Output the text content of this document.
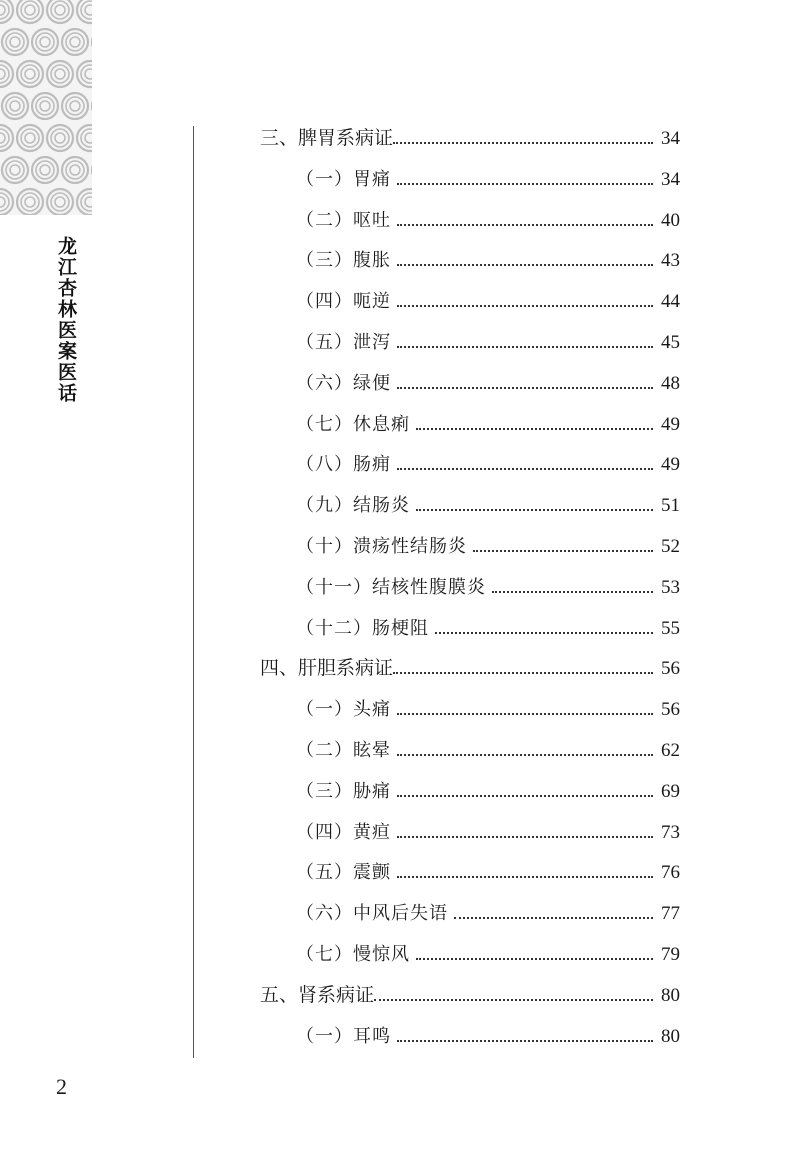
龙江杏林医案医话
三、脾胃系病证	34
（一）胃痛	34
（二）呕吐	40
（三）腹胀	43
（四）呃逆	44
（五）泄泻	45
（六）绿便	48
（七）休息痢	49
（八）肠痈	49
（九）结肠炎	51
（十）溃疡性结肠炎	52
（十一）结核性腹膜炎	53
（十二）肠梗阻	55
四、肝胆系病证	56
（一）头痛	56
（二）眩晕	62
（三）胁痛	69
（四）黄疸	73
（五）震颤	76
（六）中风后失语	77
（七）慢惊风	79
五、肾系病证	80
（一）耳鸣	80
2
